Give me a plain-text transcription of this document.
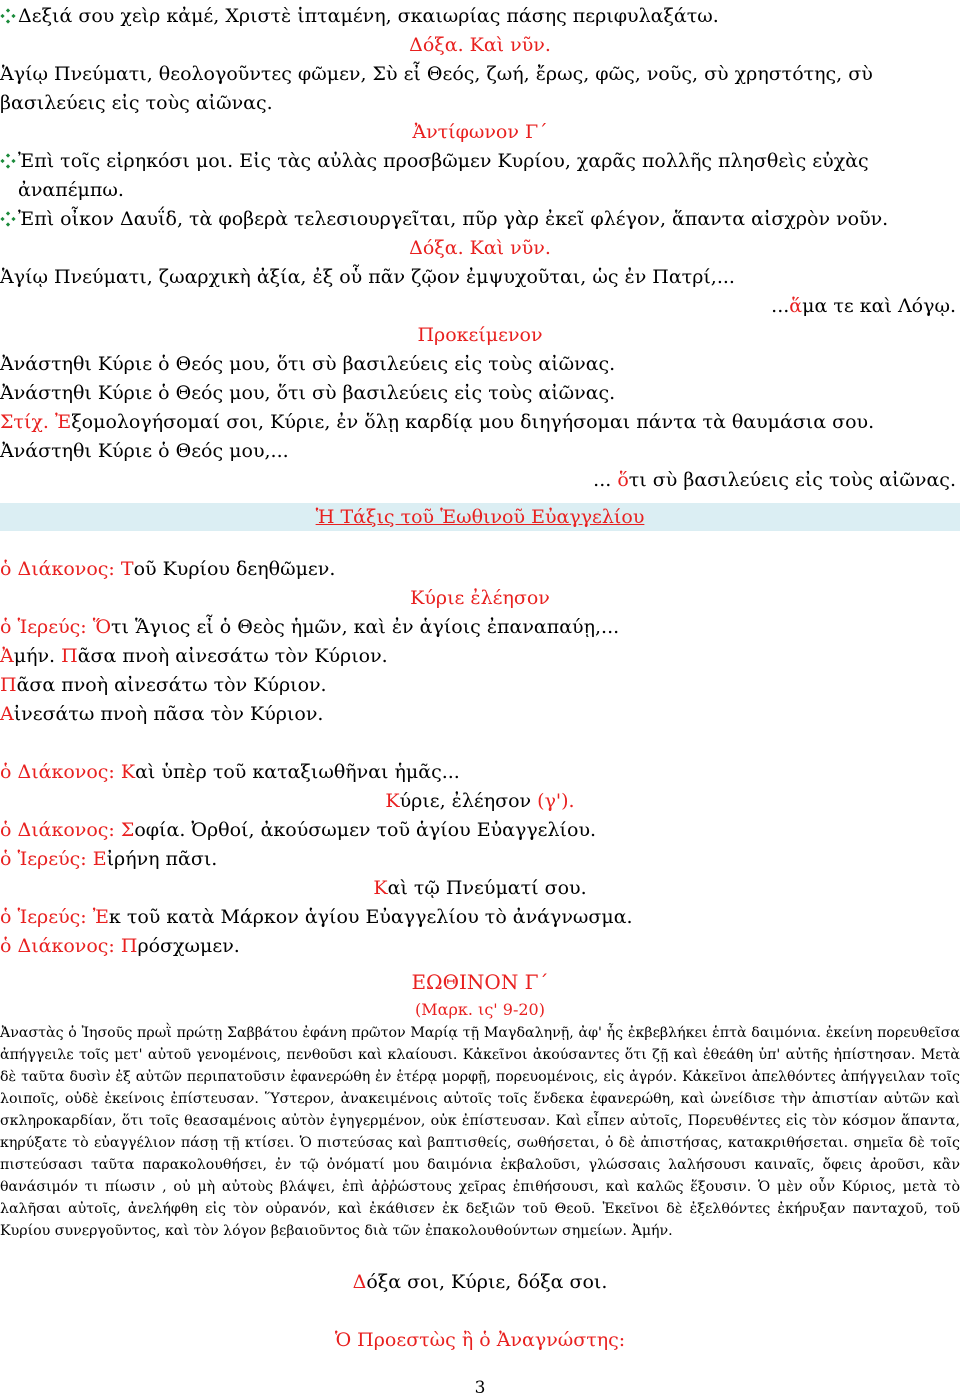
Δεξιά σου χεὶρ κἀμέ, Χριστὲ ἱπταμένη, σκαιωρίας πάσης περιφυλαξάτω.
Δόξα. Καὶ νῦν.
Ἁγίῳ Πνεύματι, θεολογοῦντες φῶμεν, Σὺ εἶ Θεός, ζωή, ἔρως, φῶς, νοῦς, σὺ χρηστότης, σὺ
βασιλεύεις εἰς τοὺς αἰῶνας.
Ἀντίφωνον Γ΄
Ἐπὶ τοῖς εἰρηκόσι μοι. Εἰς τὰς αὐλὰς προσβῶμεν Κυρίου, χαρᾶς πολλῆς πλησθεὶς εὐχὰς
ἀναπέμπω.
Ἐπὶ οἶκον Δαυΐδ, τὰ φοβερὰ τελεσιουργεῖται, πῦρ γὰρ ἐκεῖ φλέγον, ἅπαντα αἰσχρὸν νοῦν.
Δόξα. Καὶ νῦν.
Ἁγίῳ Πνεύματι, ζωαρχικὴ ἀξία, ἐξ οὗ πᾶν ζῷον ἐμψυχοῦται, ὡς ἐν Πατρί,...
...ἅμα τε καὶ Λόγῳ.
Προκείμενον
Ἀνάστηθι Κύριε ὁ Θεός μου, ὅτι σὺ βασιλεύεις εἰς τοὺς αἰῶνας.
Ἀνάστηθι Κύριε ὁ Θεός μου, ὅτι σὺ βασιλεύεις εἰς τοὺς αἰῶνας.
Στίχ. Ἐξομολογήσομαί σοι, Κύριε, ἐν ὅλῃ καρδίᾳ μου διηγήσομαι πάντα τὰ θαυμάσια σου.
Ἀνάστηθι Κύριε ὁ Θεός μου,...
... ὅτι σὺ βασιλεύεις εἰς τοὺς αἰῶνας.
Ἡ Τάξις τοῦ Ἑωθινοῦ Εὐαγγελίου
ὁ Διάκονος: Τοῦ Κυρίου δεηθῶμεν.
Κύριε ἐλέησον
ὁ Ἱερεύς: Ὅτι Ἅγιος εἶ ὁ Θεὸς ἡμῶν, καὶ ἐν ἁγίοις ἐπαναπαύῃ,...
Ἀμήν. Πᾶσα πνοὴ αἰνεσάτω τὸν Κύριον.
Πᾶσα πνοὴ αἰνεσάτω τὸν Κύριον.
Αἰνεσάτω πνοὴ πᾶσα τὸν Κύριον.
ὁ Διάκονος: Καὶ ὑπὲρ τοῦ καταξιωθῆναι ἡμᾶς...
Κύριε, ἐλέησον (γ').
ὁ Διάκονος: Σοφία. Ὀρθοί, ἀκούσωμεν τοῦ ἁγίου Εὐαγγελίου.
ὁ Ἱερεύς: Εἰρήνη πᾶσι.
Καὶ τῷ Πνεύματί σου.
ὁ Ἱερεύς: Ἐκ τοῦ κατὰ Μάρκον ἁγίου Εὐαγγελίου τὸ ἀνάγνωσμα.
ὁ Διάκονος: Πρόσχωμεν.
ΕΩΘΙΝΟΝ Γ΄
(Μαρκ. ις' 9-20)
Ἀναστὰς ὁ Ἰησοῦς πρωῒ πρώτῃ Σαββάτου ἐφάνη πρῶτον Μαρίᾳ τῇ Μαγδαληνῇ, ἀφ' ἧς ἐκβεβλήκει ἑπτὰ δαιμόνια. ἐκείνη πορευθεῖσα ἀπήγγειλε τοῖς μετ' αὐτοῦ γενομένοις, πενθοῦσι καὶ κλαίουσι. Κἀκεῖνοι ἀκούσαντες ὅτι ζῇ καὶ ἐθεάθη ὑπ' αὐτῆς ἠπίστησαν. Μετὰ δὲ ταῦτα δυσὶν ἐξ αὐτῶν περιπατοῦσιν ἐφανερώθη ἐν ἑτέρᾳ μορφῇ, πορευομένοις, εἰς ἀγρόν. Κἀκεῖνοι ἀπελθόντες ἀπήγγειλαν τοῖς λοιποῖς, οὐδὲ ἐκείνοις ἐπίστευσαν. Ὕστερον, ἀνακειμένοις αὐτοῖς τοῖς ἕνδεκα ἐφανερώθη, καὶ ὠνείδισε τὴν ἀπιστίαν αὐτῶν καὶ σκληροκαρδίαν, ὅτι τοῖς θεασαμένοις αὐτὸν ἐγηγερμένον, οὐκ ἐπίστευσαν. Καὶ εἶπεν αὐτοῖς, Πορευθέντες εἰς τὸν κόσμον ἅπαντα, κηρύξατε τὸ εὐαγγέλιον πάσῃ τῇ κτίσει. Ὁ πιστεύσας καὶ βαπτισθείς, σωθήσεται, ὁ δὲ ἀπιστήσας, κατακριθήσεται. σημεῖα δὲ τοῖς πιστεύσασι ταῦτα παρακολουθήσει, ἐν τῷ ὀνόματί μου δαιμόνια ἐκβαλοῦσι, γλώσσαις λαλήσουσι καιναῖς, ὄφεις ἀροῦσι, κἂν θανάσιμόν τι πίωσιν , οὐ μὴ αὐτοὺς βλάψει, ἐπὶ ἀῤῥώστους χεῖρας ἐπιθήσουσι, καὶ καλῶς ἕξουσιν. Ὁ μὲν οὖν Κύριος, μετὰ τὸ λαλῆσαι αὐτοῖς, ἀνελήφθη εἰς τὸν οὐρανόν, καὶ ἐκάθισεν ἐκ δεξιῶν τοῦ Θεοῦ. Ἐκεῖνοι δὲ ἐξελθόντες ἐκήρυξαν πανταχοῦ, τοῦ Κυρίου συνεργοῦντος, καὶ τὸν λόγον βεβαιοῦντος διὰ τῶν ἐπακολουθούντων σημείων. Ἀμήν.
Δόξα σοι, Κύριε, δόξα σοι.
Ὁ Προεστὼς ἢ ὁ Ἀναγνώστης:
3
